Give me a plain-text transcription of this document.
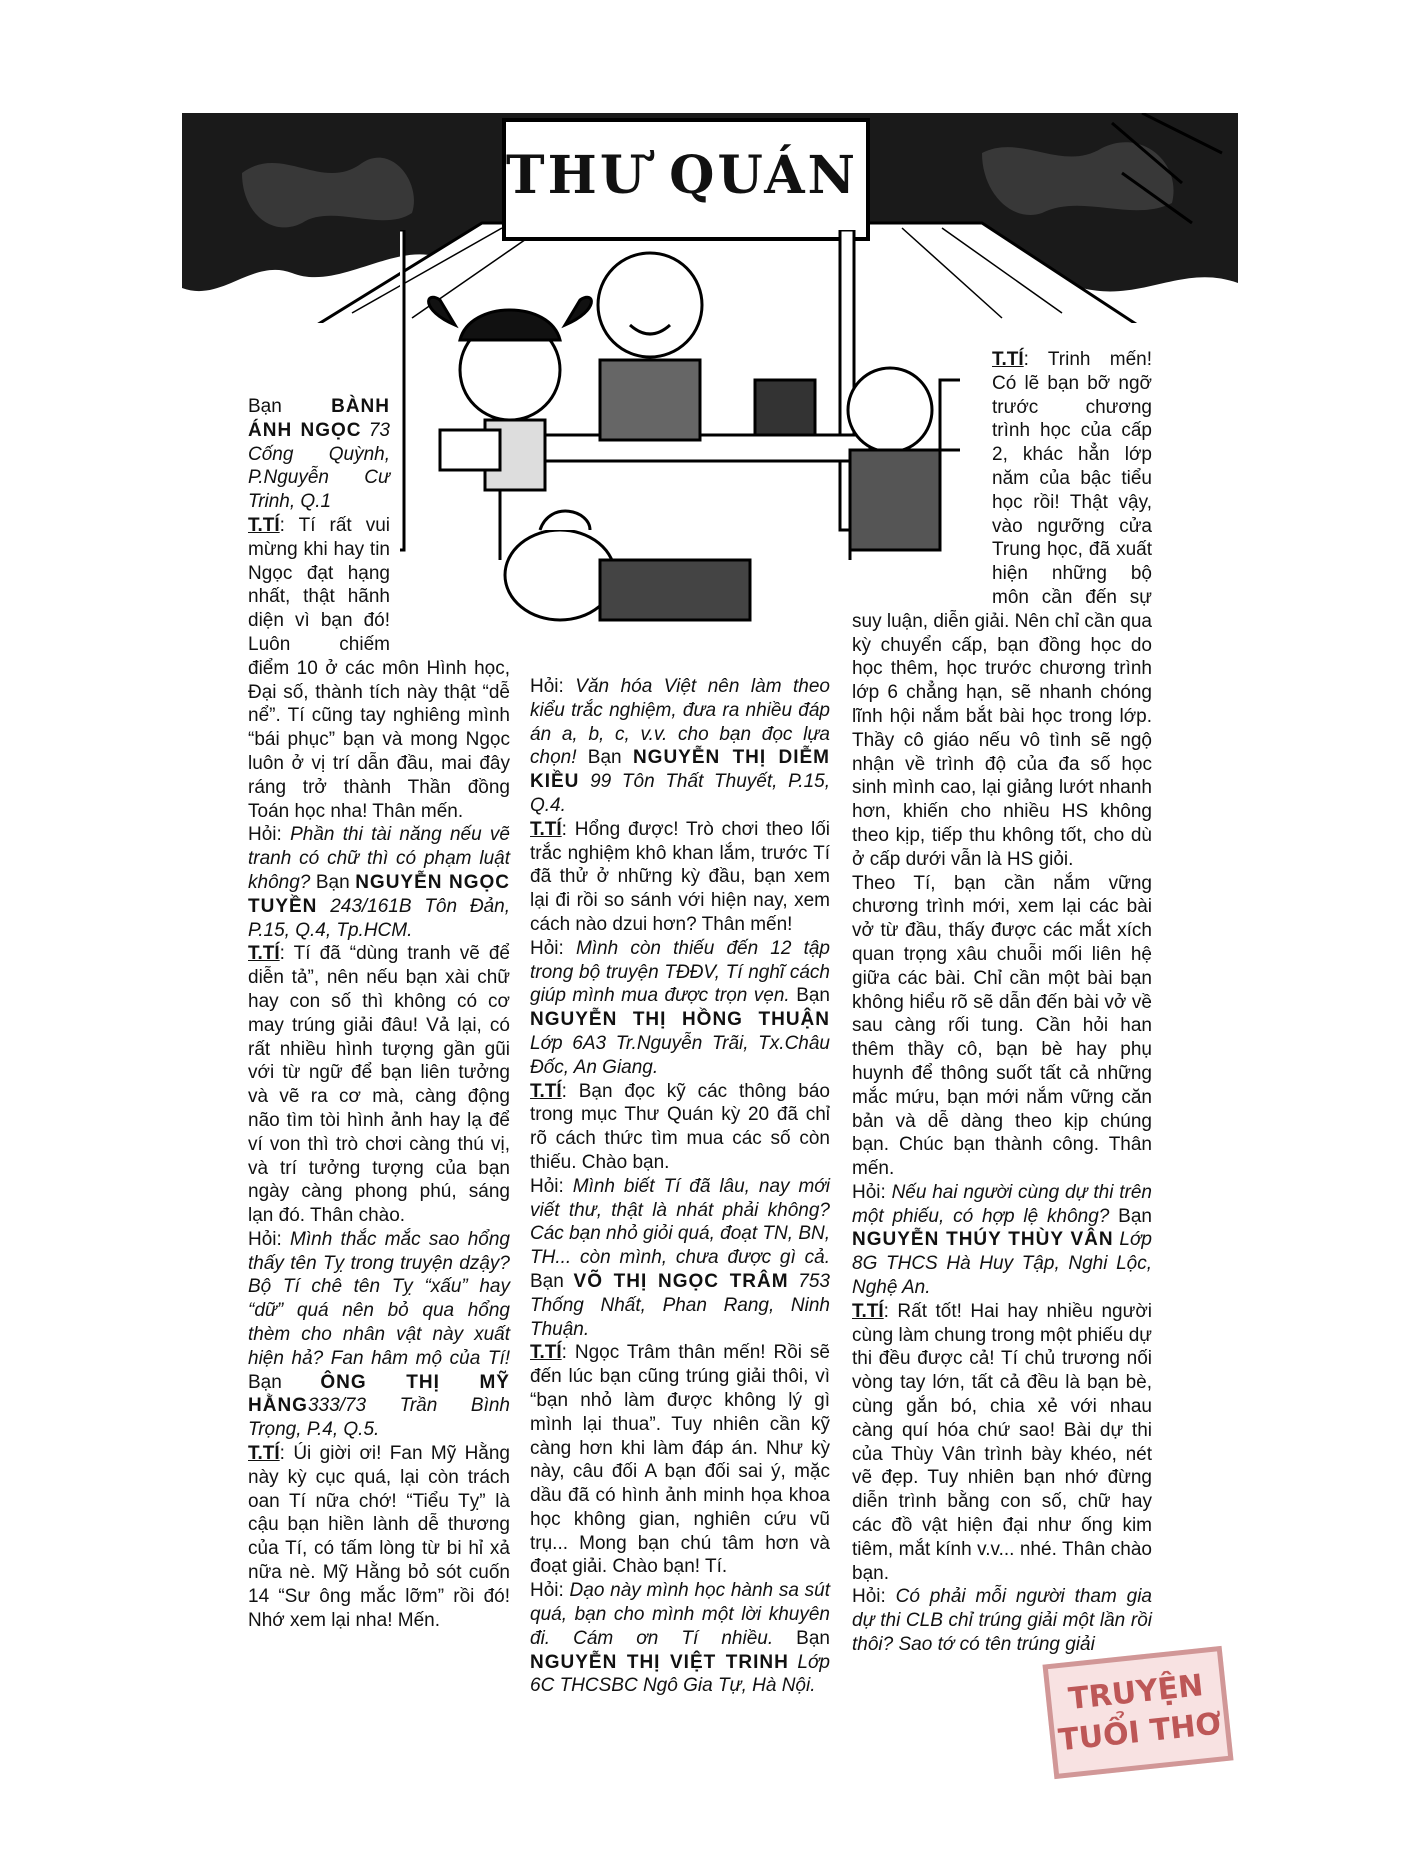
THƯ QUÁN

Bạn BÀNH ÁNH NGỌC 73 Cống Quỳnh, P.Nguyễn Cư Trinh, Q.1

T.TÍ: Tí rất vui mừng khi hay tin Ngọc đạt hạng nhất, thật hãnh diện vì bạn đó! Luôn chiếm điểm 10 ở các môn Hình học, Đại số, thành tích này thật “dễ nể”. Tí cũng tay nghiêng mình “bái phục” bạn và mong Ngọc luôn ở vị trí dẫn đầu, mai đây ráng trở thành Thần đồng Toán học nha! Thân mến.

Hỏi: Phần thi tài năng nếu vẽ tranh có chữ thì có phạm luật không? Bạn NGUYỄN NGỌC TUYỀN 243/161B Tôn Đản, P.15, Q.4, Tp.HCM.

T.TÍ: Tí đã “dùng tranh vẽ để diễn tả”, nên nếu bạn xài chữ hay con số thì không có cơ may trúng giải đâu! Vả lại, có rất nhiều hình tượng gần gũi với từ ngữ để bạn liên tưởng và vẽ ra cơ mà, càng động não tìm tòi hình ảnh hay lạ để ví von thì trò chơi càng thú vị, và trí tưởng tượng của bạn ngày càng phong phú, sáng lạn đó. Thân chào.

Hỏi: Mình thắc mắc sao hổng thấy tên Tỵ trong truyện dzậy? Bộ Tí chê tên Tỵ “xấu” hay “dữ” quá nên bỏ qua hổng thèm cho nhân vật này xuất hiện hả? Fan hâm mộ của Tí! Bạn ÔNG THỊ MỸ HẰNG333/73 Trần Bình Trọng, P.4, Q.5.

T.TÍ: Úi giời ơi! Fan Mỹ Hằng này kỳ cục quá, lại còn trách oan Tí nữa chớ! “Tiểu Tỵ” là cậu bạn hiền lành dễ thương của Tí, có tấm lòng từ bi hỉ xả nữa nè. Mỹ Hằng bỏ sót cuốn 14 “Sư ông mắc lỡm” rồi đó! Nhớ xem lại nha! Mến.

Hỏi: Văn hóa Việt nên làm theo kiểu trắc nghiệm, đưa ra nhiều đáp án a, b, c, v.v. cho bạn đọc lựa chọn! Bạn NGUYỄN THỊ DIỄM KIỀU 99 Tôn Thất Thuyết, P.15, Q.4.

T.TÍ: Hổng được! Trò chơi theo lối trắc nghiệm khô khan lắm, trước Tí đã thử ở những kỳ đầu, bạn xem lại đi rồi so sánh với hiện nay, xem cách nào dzui hơn? Thân mến!

Hỏi: Mình còn thiếu đến 12 tập trong bộ truyện TĐĐV, Tí nghĩ cách giúp mình mua được trọn vẹn. Bạn NGUYỄN THỊ HỒNG THUẬN Lớp 6A3 Tr.Nguyễn Trãi, Tx.Châu Đốc, An Giang.

T.TÍ: Bạn đọc kỹ các thông báo trong mục Thư Quán kỳ 20 đã chỉ rõ cách thức tìm mua các số còn thiếu. Chào bạn.

Hỏi: Mình biết Tí đã lâu, nay mới viết thư, thật là nhát phải không? Các bạn nhỏ giỏi quá, đoạt TN, BN, TH... còn mình, chưa được gì cả. Bạn VÕ THỊ NGỌC TRÂM 753 Thống Nhất, Phan Rang, Ninh Thuận.

T.TÍ: Ngọc Trâm thân mến! Rồi sẽ đến lúc bạn cũng trúng giải thôi, vì “bạn nhỏ làm được không lý gì mình lại thua”. Tuy nhiên cần kỹ càng hơn khi làm đáp án. Như kỳ này, câu đối A bạn đối sai ý, mặc dầu đã có hình ảnh minh họa khoa học không gian, nghiên cứu vũ trụ... Mong bạn chú tâm hơn và đoạt giải. Chào bạn! Tí.

Hỏi: Dạo này mình học hành sa sút quá, bạn cho mình một lời khuyên đi. Cám ơn Tí nhiều. Bạn NGUYỄN THỊ VIỆT TRINH Lớp 6C THCSBC Ngô Gia Tự, Hà Nội.

T.TÍ: Trinh mến! Có lẽ bạn bỡ ngỡ trước chương trình học của cấp 2, khác hẳn lớp năm của bậc tiểu học rồi! Thật vậy, vào ngưỡng cửa Trung học, đã xuất hiện những bộ môn cần đến sự suy luận, diễn giải. Nên chỉ cần qua kỳ chuyển cấp, bạn đồng học do học thêm, học trước chương trình lớp 6 chẳng hạn, sẽ nhanh chóng lĩnh hội nắm bắt bài học trong lớp. Thầy cô giáo nếu vô tình sẽ ngộ nhận về trình độ của đa số học sinh mình cao, lại giảng lướt nhanh hơn, khiến cho nhiều HS không theo kịp, tiếp thu không tốt, cho dù ở cấp dưới vẫn là HS giỏi.

Theo Tí, bạn cần nắm vững chương trình mới, xem lại các bài vở từ đầu, thấy được các mắt xích quan trọng xâu chuỗi mối liên hệ giữa các bài. Chỉ cần một bài bạn không hiểu rõ sẽ dẫn đến bài vở về sau càng rối tung. Cần hỏi han thêm thầy cô, bạn bè hay phụ huynh để thông suốt tất cả những mắc mứu, bạn mới nắm vững căn bản và dễ dàng theo kịp chúng bạn. Chúc bạn thành công. Thân mến.

Hỏi: Nếu hai người cùng dự thi trên một phiếu, có hợp lệ không? Bạn NGUYỄN THÚY THÙY VÂN Lớp 8G THCS Hà Huy Tập, Nghi Lộc, Nghệ An.

T.TÍ: Rất tốt! Hai hay nhiều người cùng làm chung trong một phiếu dự thi đều được cả! Tí chủ trương nối vòng tay lớn, tất cả đều là bạn bè, cùng gắn bó, chia xẻ với nhau càng quí hóa chứ sao! Bài dự thi của Thùy Vân trình bày khéo, nét vẽ đẹp. Tuy nhiên bạn nhớ đừng diễn trình bằng con số, chữ hay các đồ vật hiện đại như ống kim tiêm, mắt kính v.v... nhé. Thân chào bạn.

Hỏi: Có phải mỗi người tham gia dự thi CLB chỉ trúng giải một lần rồi thôi? Sao tớ có tên trúng giải

TRUYỆN
TUỔI THƠ
